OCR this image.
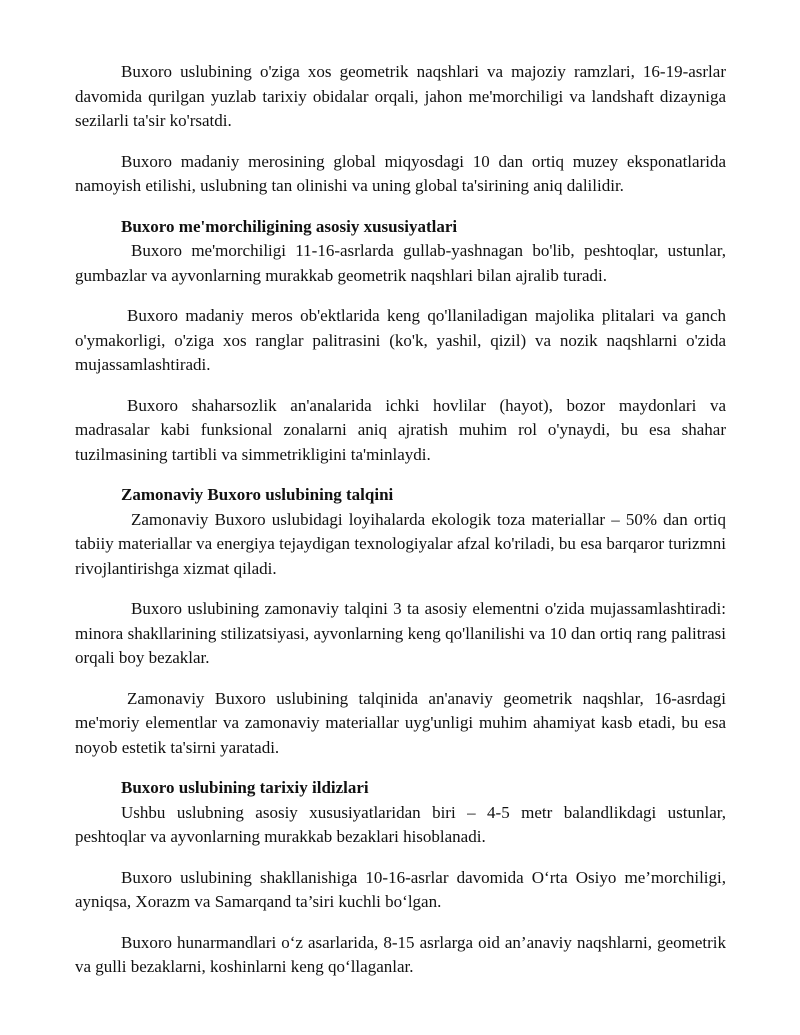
Buxoro uslubining o'ziga xos geometrik naqshlari va majoziy ramzlari, 16-19-asrlar davomida qurilgan yuzlab tarixiy obidalar orqali, jahon me'morchiligi va landshaft dizayniga sezilarli ta'sir ko'rsatdi.

Buxoro madaniy merosining global miqyosdagi 10 dan ortiq muzey eksponatlarida namoyish etilishi, uslubning tan olinishi va uning global ta'sirining aniq dalilidir.

Buxoro me'morchiligining asosiy xususiyatlari

Buxoro me'morchiligi 11-16-asrlarda gullab-yashnagan bo'lib, peshtoqlar, ustunlar, gumbazlar va ayvonlarning murakkab geometrik naqshlari bilan ajralib turadi.

Buxoro madaniy meros ob'ektlarida keng qo'llaniladigan majolika plitalari va ganch o'ymakorligi, o'ziga xos ranglar palitrasini (ko'k, yashil, qizil) va nozik naqshlarni o'zida mujassamlashtiradi.

Buxoro shaharsozlik an'analarida ichki hovlilar (hayot), bozor maydonlari va madrasalar kabi funksional zonalarni aniq ajratish muhim rol o'ynaydi, bu esa shahar tuzilmasining tartibli va simmetrikligini ta'minlaydi.

Zamonaviy Buxoro uslubining talqini

Zamonaviy Buxoro uslubidagi loyihalarda ekologik toza materiallar – 50% dan ortiq tabiiy materiallar va energiya tejaydigan texnologiyalar afzal ko'riladi, bu esa barqaror turizmni rivojlantirishga xizmat qiladi.

Buxoro uslubining zamonaviy talqini 3 ta asosiy elementni o'zida mujassamlashtiradi: minora shakllarining stilizatsiyasi, ayvonlarning keng qo'llanilishi va 10 dan ortiq rang palitrasi orqali boy bezaklar.

Zamonaviy Buxoro uslubining talqinida an'anaviy geometrik naqshlar, 16-asrdagi me'moriy elementlar va zamonaviy materiallar uyg'unligi muhim ahamiyat kasb etadi, bu esa noyob estetik ta'sirni yaratadi.

Buxoro uslubining tarixiy ildizlari

Ushbu uslubning asosiy xususiyatlaridan biri – 4-5 metr balandlikdagi ustunlar, peshtoqlar va ayvonlarning murakkab bezaklari hisoblanadi.

Buxoro uslubining shakllanishiga 10-16-asrlar davomida O‘rta Osiyo me’morchiligi, ayniqsa, Xorazm va Samarqand ta’siri kuchli bo‘lgan.

Buxoro hunarmandlari o‘z asarlarida, 8-15 asrlarga oid an’anaviy naqshlarni, geometrik va gulli bezaklarni, koshinlarni keng qo‘llaganlar.
